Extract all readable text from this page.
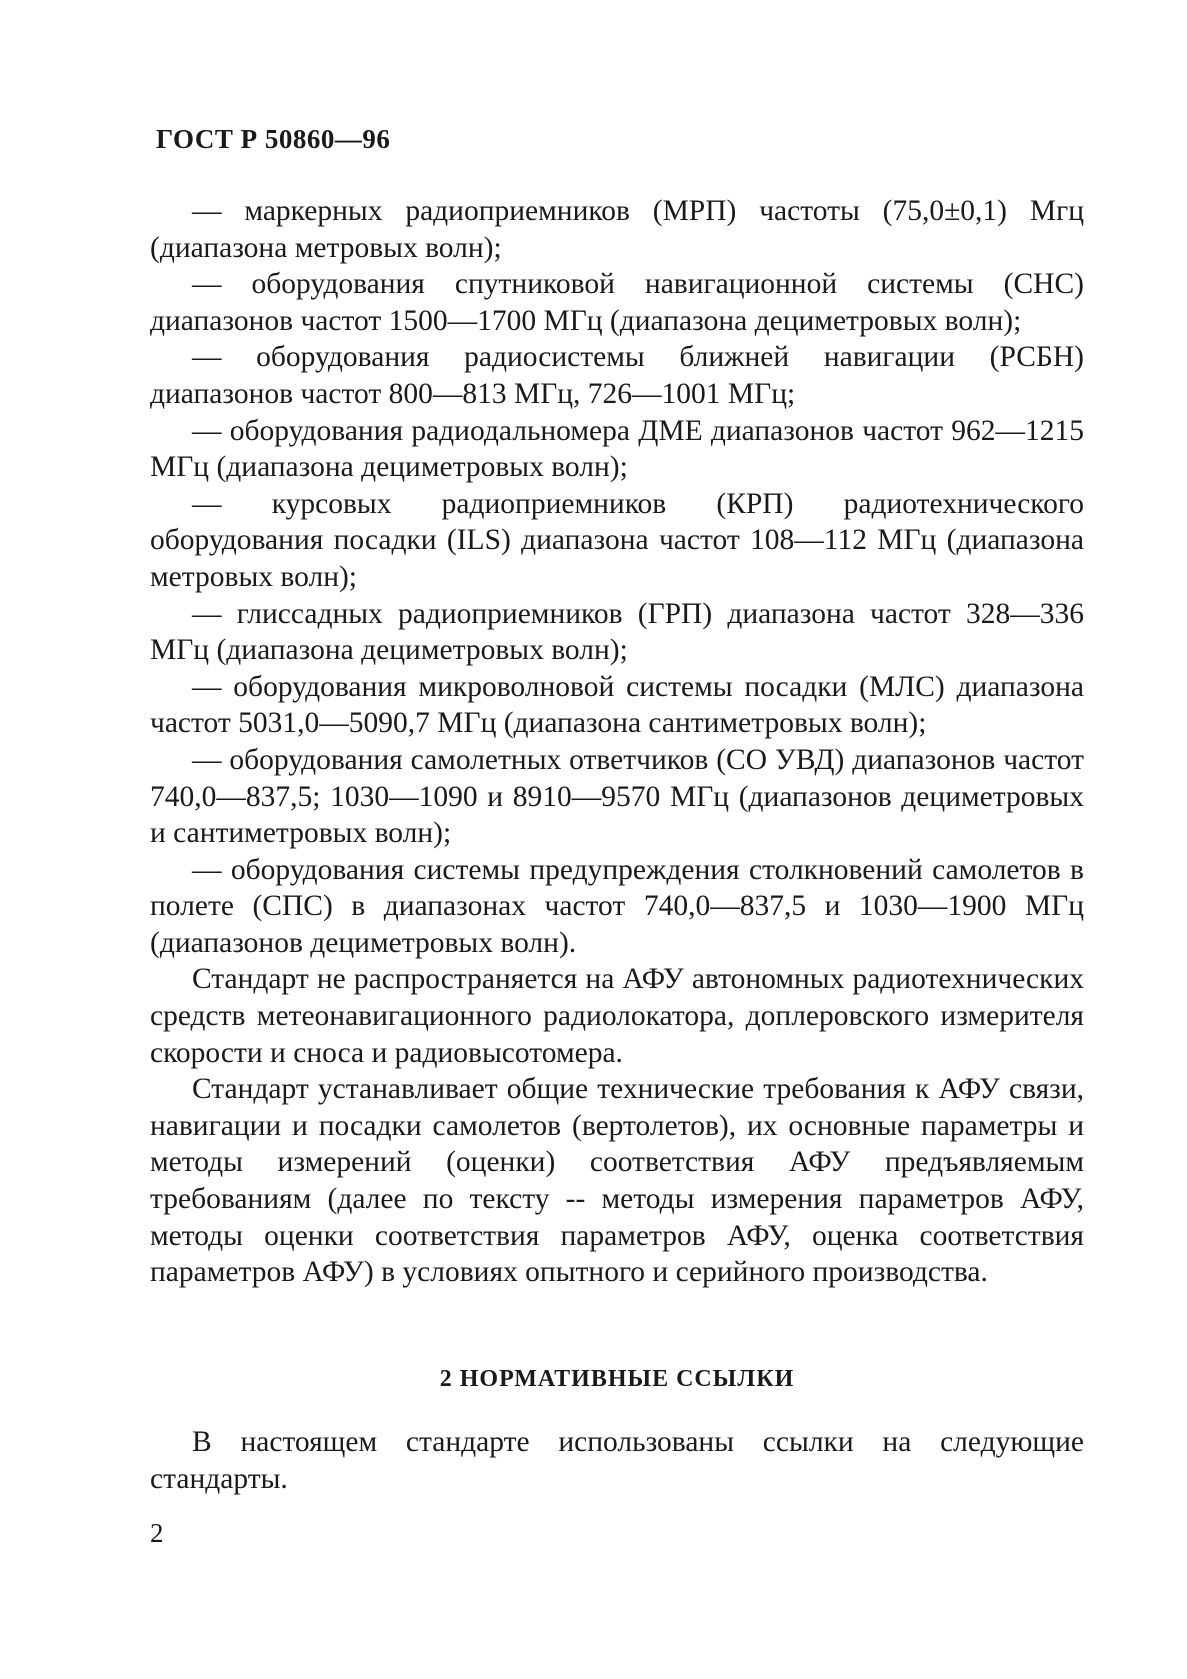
ГОСТ Р 50860—96

— маркерных радиоприемников (МРП) частоты (75,0±0,1) Мгц (диапазона метровых волн);

— оборудования спутниковой навигационной системы (СНС) диапазонов частот 1500—1700 МГц (диапазона дециметровых волн);

— оборудования радиосистемы ближней навигации (РСБН) диапазонов частот 800—813 МГц, 726—1001 МГц;

— оборудования радиодальномера ДМЕ диапазонов частот 962—1215 МГц (диапазона дециметровых волн);

— курсовых радиоприемников (КРП) радиотехнического оборудования посадки (ILS) диапазона частот 108—112 МГц (диапазона метровых волн);

— глиссадных радиоприемников (ГРП) диапазона частот 328—336 МГц (диапазона дециметровых волн);

— оборудования микроволновой системы посадки (МЛС) диапазона частот 5031,0—5090,7 МГц (диапазона сантиметровых волн);

— оборудования самолетных ответчиков (СО УВД) диапазонов частот 740,0—837,5; 1030—1090 и 8910—9570 МГц (диапазонов дециметровых и сантиметровых волн);

— оборудования системы предупреждения столкновений самолетов в полете (СПС) в диапазонах частот 740,0—837,5 и 1030—1900 МГц (диапазонов дециметровых волн).

Стандарт не распространяется на АФУ автономных радиотехнических средств метеонавигационного радиолокатора, доплеровского измерителя скорости и сноса и радиовысотомера.

Стандарт устанавливает общие технические требования к АФУ связи, навигации и посадки самолетов (вертолетов), их основные параметры и методы измерений (оценки) соответствия АФУ предъявляемым требованиям (далее по тексту -- методы измерения параметров АФУ, методы оценки соответствия параметров АФУ, оценка соответствия параметров АФУ) в условиях опытного и серийного производства.

2 НОРМАТИВНЫЕ ССЫЛКИ

В настоящем стандарте использованы ссылки на следующие стандарты.

2
